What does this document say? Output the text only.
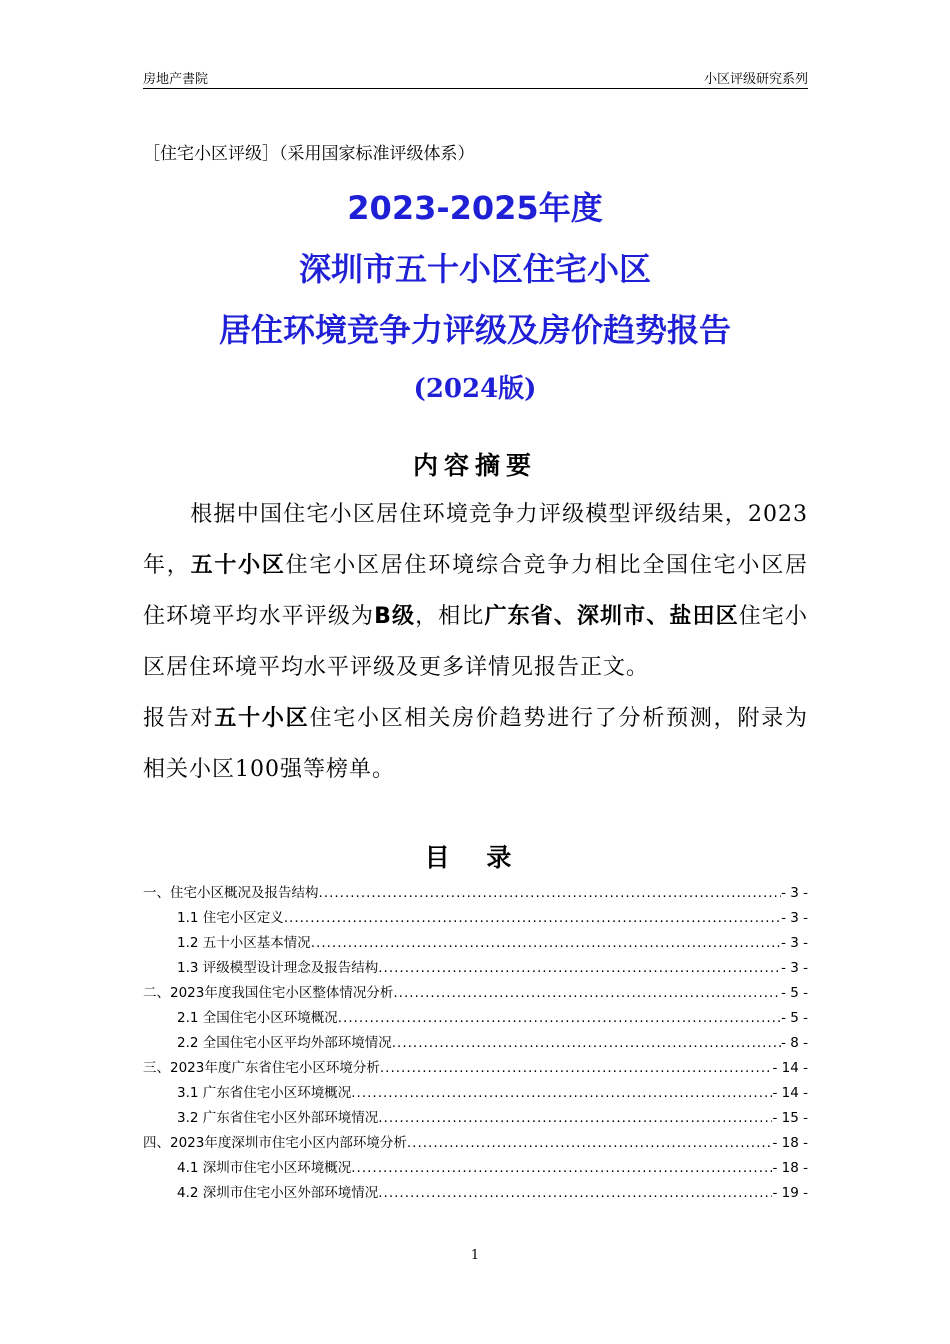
房地产書院	小区评级研究系列
［住宅小区评级］（采用国家标准评级体系）
2023-2025年度
深圳市五十小区住宅小区
居住环境竞争力评级及房价趋势报告
(2024版)
内容摘要

根据中国住宅小区居住环境竞争力评级模型评级结果，2023年，五十小区住宅小区居住环境综合竞争力相比全国住宅小区居住环境平均水平评级为B级，相比广东省、深圳市、盐田区住宅小区居住环境平均水平评级及更多详情见报告正文。

报告对五十小区住宅小区相关房价趋势进行了分析预测，附录为相关小区100强等榜单。

目 录
一、住宅小区概况及报告结构 .....	- 3 -
1.1 住宅小区定义 .....	- 3 -
1.2 五十小区基本情况 .....	- 3 -
1.3 评级模型设计理念及报告结构 .....	- 3 -
二、2023年度我国住宅小区整体情况分析 .....	- 5 -
2.1 全国住宅小区环境概况 .....	- 5 -
2.2 全国住宅小区平均外部环境情况 .....	- 8 -
三、2023年度广东省住宅小区环境分析 .....	- 14 -
3.1 广东省住宅小区环境概况 .....	- 14 -
3.2 广东省住宅小区外部环境情况 .....	- 15 -
四、2023年度深圳市住宅小区内部环境分析 .....	- 18 -
4.1 深圳市住宅小区环境概况 .....	- 18 -
4.2 深圳市住宅小区外部环境情况 .....	- 19 -
1
